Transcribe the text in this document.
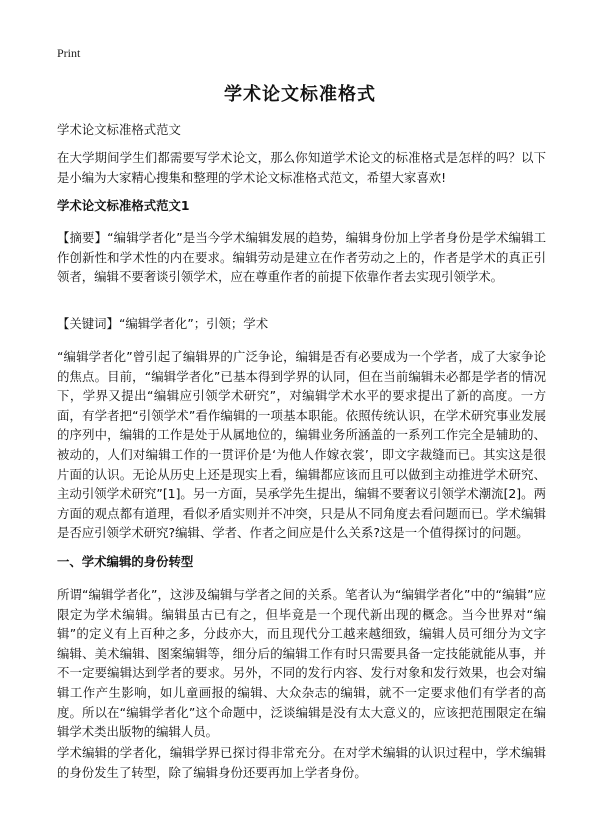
Print
学术论文标准格式
学术论文标准格式范文
在大学期间学生们都需要写学术论文，那么你知道学术论文的标准格式是怎样的吗？以下是小编为大家精心搜集和整理的学术论文标准格式范文，希望大家喜欢!
学术论文标准格式范文1
【摘要】“编辑学者化”是当今学术编辑发展的趋势，编辑身份加上学者身份是学术编辑工作创新性和学术性的内在要求。编辑劳动是建立在作者劳动之上的，作者是学术的真正引领者，编辑不要奢谈引领学术，应在尊重作者的前提下依靠作者去实现引领学术。
【关键词】“编辑学者化”；引领；学术
“编辑学者化”曾引起了编辑界的广泛争论，编辑是否有必要成为一个学者，成了大家争论的焦点。目前，“编辑学者化”已基本得到学界的认同，但在当前编辑未必都是学者的情况下，学界又提出“编辑应引领学术研究”，对编辑学术水平的要求提出了新的高度。一方面，有学者把“引领学术”看作编辑的一项基本职能。依照传统认识，在学术研究事业发展的序列中，编辑的工作是处于从属地位的，编辑业务所涵盖的一系列工作完全是辅助的、被动的，人们对编辑工作的一贯评价是‘为他人作嫁衣裳’，即文字裁缝而已。其实这是很片面的认识。无论从历史上还是现实上看，编辑都应该而且可以做到主动推进学术研究、主动引领学术研究”[1]。另一方面，吴承学先生提出，编辑不要奢议引领学术潮流[2]。两方面的观点都有道理，看似矛盾实则并不冲突，只是从不同角度去看问题而已。学术编辑是否应引领学术研究?编辑、学者、作者之间应是什么关系?这是一个值得探讨的问题。
一、学术编辑的身份转型
所谓“编辑学者化”，这涉及编辑与学者之间的关系。笔者认为“编辑学者化”中的“编辑”应限定为学术编辑。编辑虽古已有之，但毕竟是一个现代新出现的概念。当今世界对“编辑”的定义有上百种之多，分歧亦大，而且现代分工越来越细致，编辑人员可细分为文字编辑、美术编辑、图案编辑等，细分后的编辑工作有时只需要具备一定技能就能从事，并不一定要编辑达到学者的要求。另外，不同的发行内容、发行对象和发行效果，也会对编辑工作产生影响，如儿童画报的编辑、大众杂志的编辑，就不一定要求他们有学者的高度。所以在“编辑学者化”这个命题中，泛谈编辑是没有太大意义的，应该把范围限定在编辑学术类出版物的编辑人员。
学术编辑的学者化，编辑学界已探讨得非常充分。在对学术编辑的认识过程中，学术编辑的身份发生了转型，除了编辑身份还要再加上学者身份。
